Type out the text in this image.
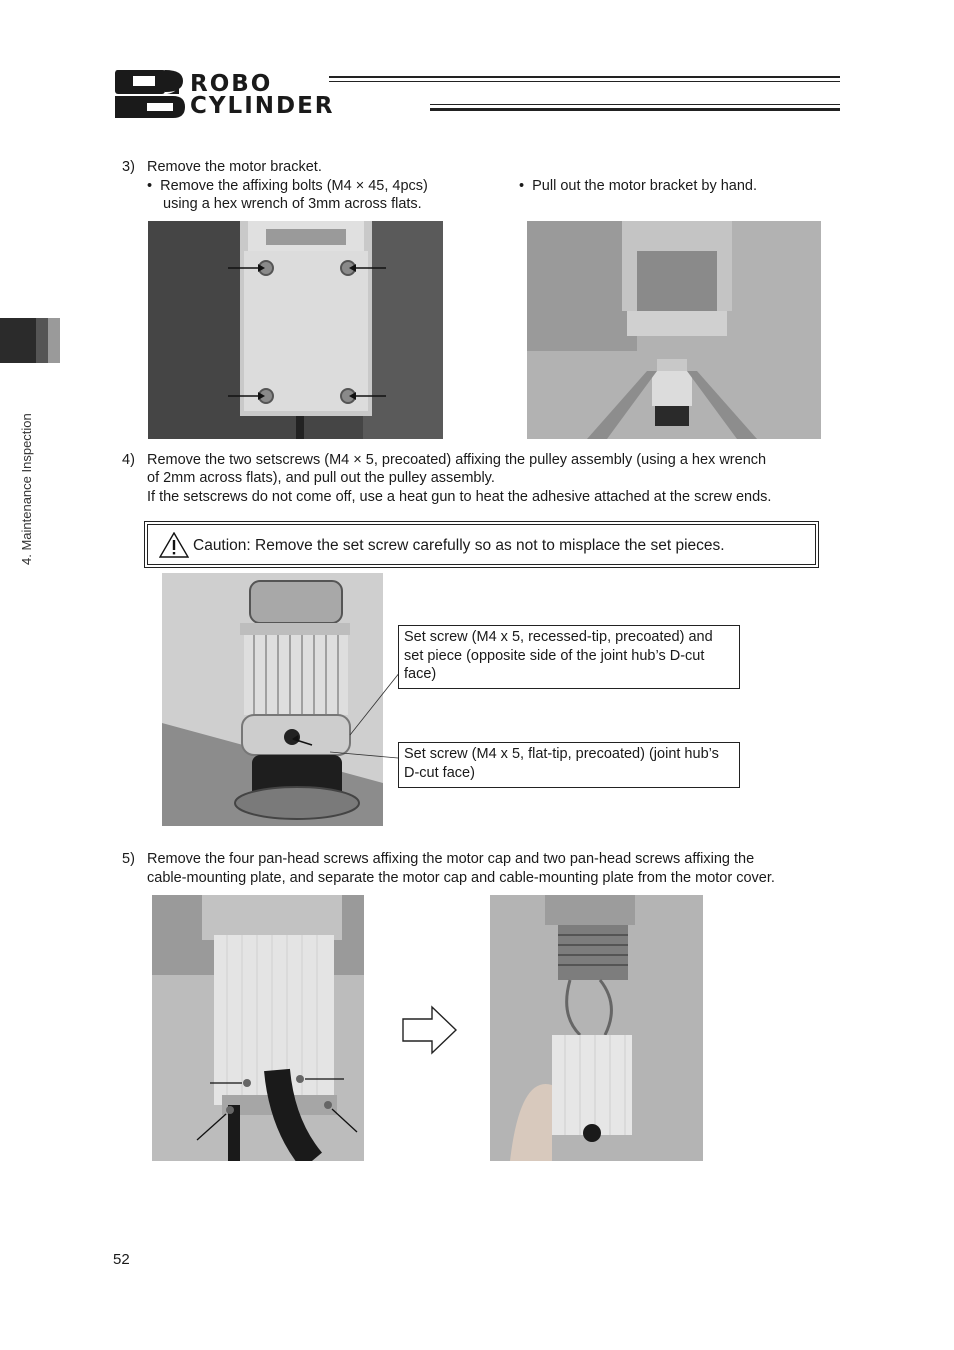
ROBO
CYLINDER
4. Maintenance Inspection
3)   Remove the motor bracket.
•  Remove the affixing bolts (M4 × 45, 4pcs)
using a hex wrench of 3mm across flats.
•  Pull out the motor bracket by hand.
4)   Remove the two setscrews (M4 × 5, precoated) affixing the pulley assembly (using a hex wrench
of 2mm across flats), and pull out the pulley assembly.
If the setscrews do not come off, use a heat gun to heat the adhesive attached at the screw ends.
Caution: Remove the set screw carefully so as not to misplace the set pieces.
Set screw (M4 x 5, recessed-tip, precoated) and set piece (opposite side of the joint hub’s D-cut face)
Set screw (M4 x 5, flat-tip, precoated) (joint hub’s D-cut face)
5)   Remove the four pan-head screws affixing the motor cap and two pan-head screws affixing the
cable-mounting plate, and separate the motor cap and cable-mounting plate from the motor cover.
52
